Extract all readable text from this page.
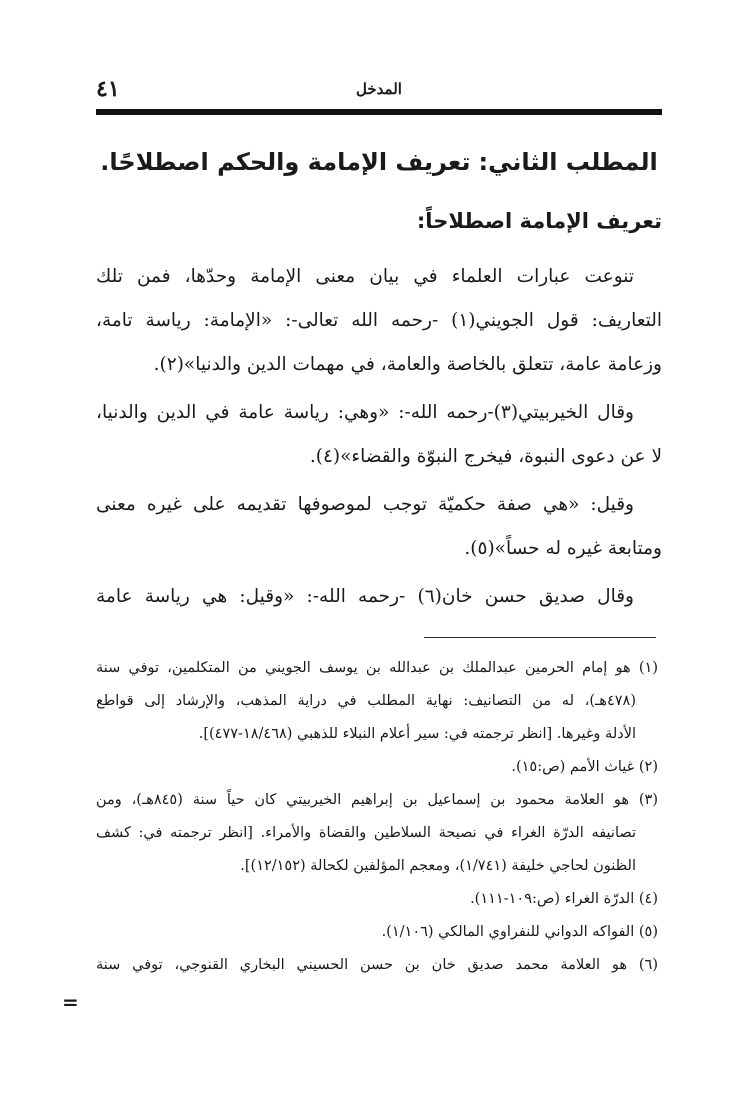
٤١	المدخل
المطلب الثاني:تعريف الإمامة والحكم اصطلاحًا.
تعريف الإمامة اصطلاحاً:
تنوعت عبارات العلماء في بيان معنى الإمامة وحدّها، فمن تلك
التعاريف: قول الجويني(١) -رحمه الله تعالى-: «الإمامة: رياسة تامة،
وزعامة عامة، تتعلق بالخاصة والعامة، في مهمات الدين والدنيا»(٢).
وقال الخيربيتي(٣)-رحمه الله-: «وهي: رياسة عامة في الدين والدنيا،
لا عن دعوى النبوة، فيخرج النبوّة والقضاء»(٤).
وقيل: «هي صفة حكميّة توجب لموصوفها تقديمه على غيره معنى
ومتابعة غيره له حساً»(٥).
وقال صديق حسن خان(٦) -رحمه الله-: «وقيل: هي رياسة عامة
(١) هو إمام الحرمين عبدالملك بن عبدالله بن يوسف الجويني من المتكلمين، توفي سنة
(٤٧٨هـ)، له من التصانيف: نهاية المطلب في دراية المذهب، والإرشاد إلى قواطع
الأدلة وغيرها. [انظر ترجمته في: سير أعلام النبلاء للذهبي (١٨/٤٦٨-٤٧٧)].
(٢) غياث الأمم (ص:١٥).
(٣) هو العلامة محمود بن إسماعيل بن إبراهيم الخيربيتي كان حياً سنة (٨٤٥هـ)، ومن
تصانيفه الدرّة الغراء في نصيحة السلاطين والقضاة والأمراء. [انظر ترجمته في: كشف
الظنون لحاجي خليفة (١/٧٤١)، ومعجم المؤلفين لكحالة (١٢/١٥٢)].
(٤) الدرّة الغراء (ص:١٠٩-١١١).
(٥) الفواكه الدواني للنفراوي المالكي (١/١٠٦).
(٦) هو العلامة محمد صديق خان بن حسن الحسيني البخاري القنوجي، توفي سنة
=
